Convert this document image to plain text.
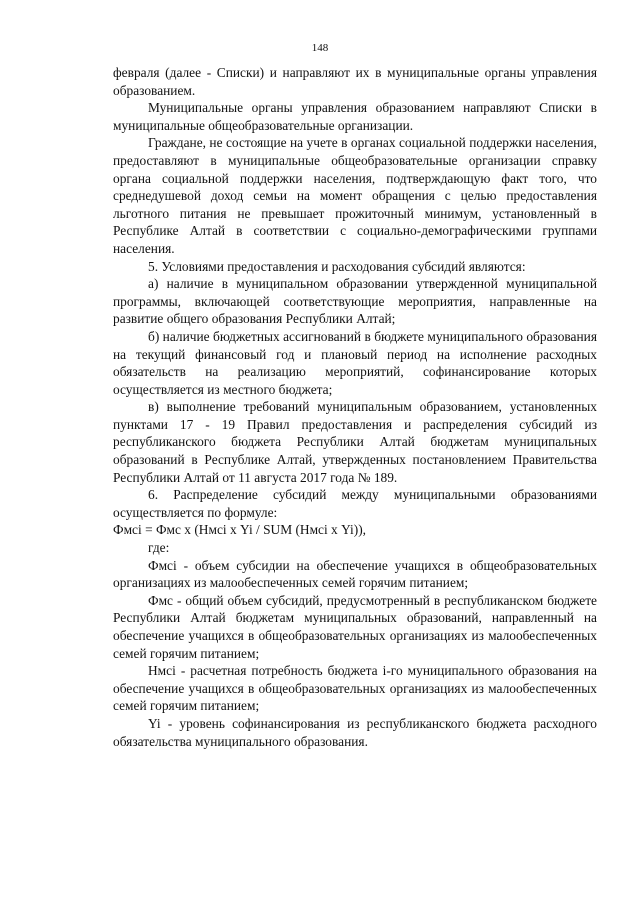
148

февраля (далее - Списки) и направляют их в муниципальные органы управления образованием.

Муниципальные органы управления образованием направляют Списки в муниципальные общеобразовательные организации.

Граждане, не состоящие на учете в органах социальной поддержки населения, предоставляют в муниципальные общеобразовательные организации справку органа социальной поддержки населения, подтверждающую факт того, что среднедушевой доход семьи на момент обращения с целью предоставления льготного питания не превышает прожиточный минимум, установленный в Республике Алтай в соответствии с социально-демографическими группами населения.

5. Условиями предоставления и расходования субсидий являются:

а) наличие в муниципальном образовании утвержденной муниципальной программы, включающей соответствующие мероприятия, направленные на развитие общего образования Республики Алтай;

б) наличие бюджетных ассигнований в бюджете муниципального образования на текущий финансовый год и плановый период на исполнение расходных обязательств на реализацию мероприятий, софинансирование которых осуществляется из местного бюджета;

в) выполнение требований муниципальным образованием, установленных пунктами 17 - 19 Правил предоставления и распределения субсидий из республиканского бюджета Республики Алтай бюджетам муниципальных образований в Республике Алтай, утвержденных постановлением Правительства Республики Алтай от 11 августа 2017 года № 189.

6. Распределение субсидий между муниципальными образованиями осуществляется по формуле:

Фмсi = Фмс х (Нмсi х Yi / SUM (Нмсi х Yi)),

где:

Фмсi - объем субсидии на обеспечение учащихся в общеобразовательных организациях из малообеспеченных семей горячим питанием;

Фмс - общий объем субсидий, предусмотренный в республиканском бюджете Республики Алтай бюджетам муниципальных образований, направленный на обеспечение учащихся в общеобразовательных организациях из малообеспеченных семей горячим питанием;

Нмсi - расчетная потребность бюджета i-го муниципального образования на обеспечение учащихся в общеобразовательных организациях из малообеспеченных семей горячим питанием;

Yi - уровень софинансирования из республиканского бюджета расходного обязательства муниципального образования.
